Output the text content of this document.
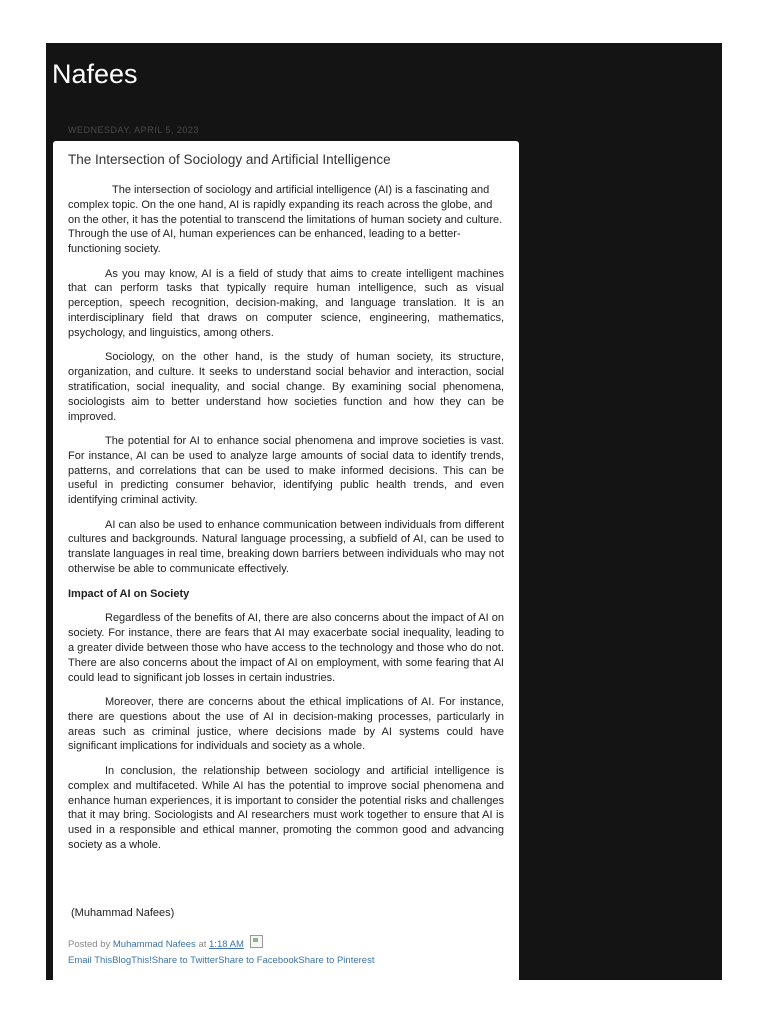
Nafees
WEDNESDAY, APRIL 5, 2023
The Intersection of Sociology and Artificial Intelligence

The intersection of sociology and artificial intelligence (AI) is a fascinating and complex topic. On the one hand, AI is rapidly expanding its reach across the globe, and on the other, it has the potential to transcend the limitations of human society and culture. Through the use of AI, human experiences can be enhanced, leading to a better-functioning society.

As you may know, AI is a field of study that aims to create intelligent machines that can perform tasks that typically require human intelligence, such as visual perception, speech recognition, decision-making, and language translation. It is an interdisciplinary field that draws on computer science, engineering, mathematics, psychology, and linguistics, among others.

Sociology, on the other hand, is the study of human society, its structure, organization, and culture. It seeks to understand social behavior and interaction, social stratification, social inequality, and social change. By examining social phenomena, sociologists aim to better understand how societies function and how they can be improved.

The potential for AI to enhance social phenomena and improve societies is vast. For instance, AI can be used to analyze large amounts of social data to identify trends, patterns, and correlations that can be used to make informed decisions. This can be useful in predicting consumer behavior, identifying public health trends, and even identifying criminal activity.

AI can also be used to enhance communication between individuals from different cultures and backgrounds. Natural language processing, a subfield of AI, can be used to translate languages in real time, breaking down barriers between individuals who may not otherwise be able to communicate effectively.

Impact of AI on Society

Regardless of the benefits of AI, there are also concerns about the impact of AI on society. For instance, there are fears that AI may exacerbate social inequality, leading to a greater divide between those who have access to the technology and those who do not. There are also concerns about the impact of AI on employment, with some fearing that AI could lead to significant job losses in certain industries.

Moreover, there are concerns about the ethical implications of AI. For instance, there are questions about the use of AI in decision-making processes, particularly in areas such as criminal justice, where decisions made by AI systems could have significant implications for individuals and society as a whole.

In conclusion, the relationship between sociology and artificial intelligence is complex and multifaceted. While AI has the potential to improve social phenomena and enhance human experiences, it is important to consider the potential risks and challenges that it may bring. Sociologists and AI researchers must work together to ensure that AI is used in a responsible and ethical manner, promoting the common good and advancing society as a whole.

(Muhammad Nafees)
Posted by Muhammad Nafees at 1:18 AM
Email ThisBlogThis!Share to TwitterShare to FacebookShare to Pinterest
